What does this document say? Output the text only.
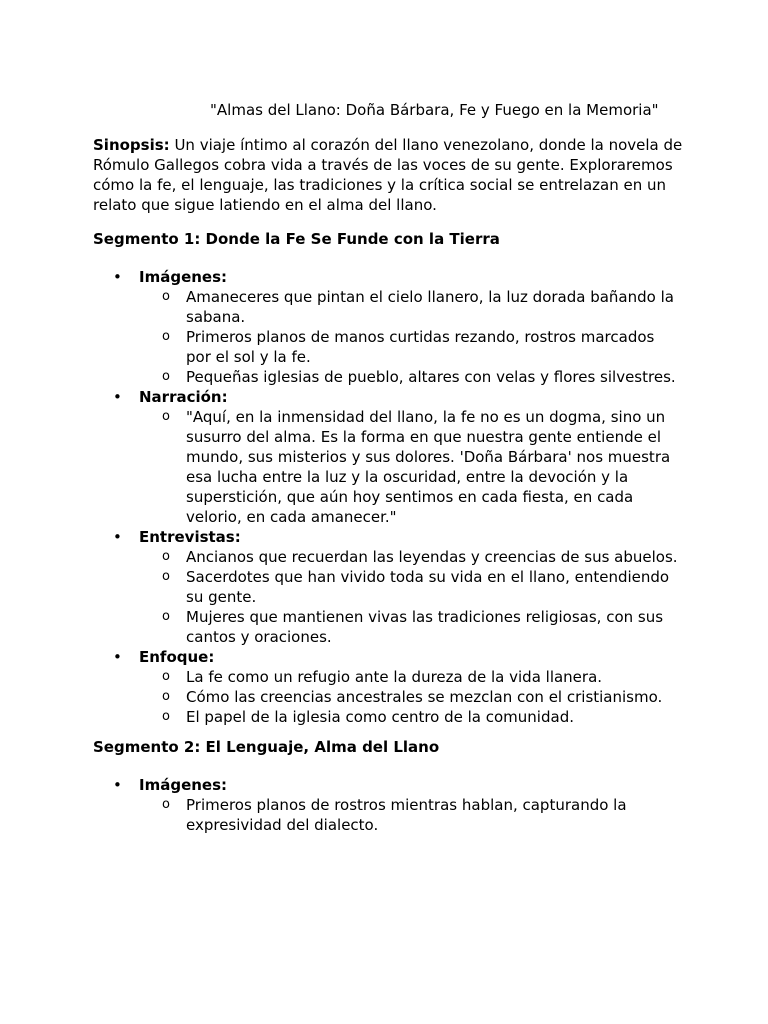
"Almas del Llano: Doña Bárbara, Fe y Fuego en la Memoria"

Sinopsis: Un viaje íntimo al corazón del llano venezolano, donde la novela de Rómulo Gallegos cobra vida a través de las voces de su gente. Exploraremos cómo la fe, el lenguaje, las tradiciones y la crítica social se entrelazan en un relato que sigue latiendo en el alma del llano.

Segmento 1: Donde la Fe Se Funde con la Tierra

• Imágenes:
o Amaneceres que pintan el cielo llanero, la luz dorada bañando la sabana.
o Primeros planos de manos curtidas rezando, rostros marcados por el sol y la fe.
o Pequeñas iglesias de pueblo, altares con velas y flores silvestres.
• Narración:
o "Aquí, en la inmensidad del llano, la fe no es un dogma, sino un susurro del alma. Es la forma en que nuestra gente entiende el mundo, sus misterios y sus dolores. 'Doña Bárbara' nos muestra esa lucha entre la luz y la oscuridad, entre la devoción y la superstición, que aún hoy sentimos en cada fiesta, en cada velorio, en cada amanecer."
• Entrevistas:
o Ancianos que recuerdan las leyendas y creencias de sus abuelos.
o Sacerdotes que han vivido toda su vida en el llano, entendiendo su gente.
o Mujeres que mantienen vivas las tradiciones religiosas, con sus cantos y oraciones.
• Enfoque:
o La fe como un refugio ante la dureza de la vida llanera.
o Cómo las creencias ancestrales se mezclan con el cristianismo.
o El papel de la iglesia como centro de la comunidad.

Segmento 2: El Lenguaje, Alma del Llano

• Imágenes:
o Primeros planos de rostros mientras hablan, capturando la expresividad del dialecto.
